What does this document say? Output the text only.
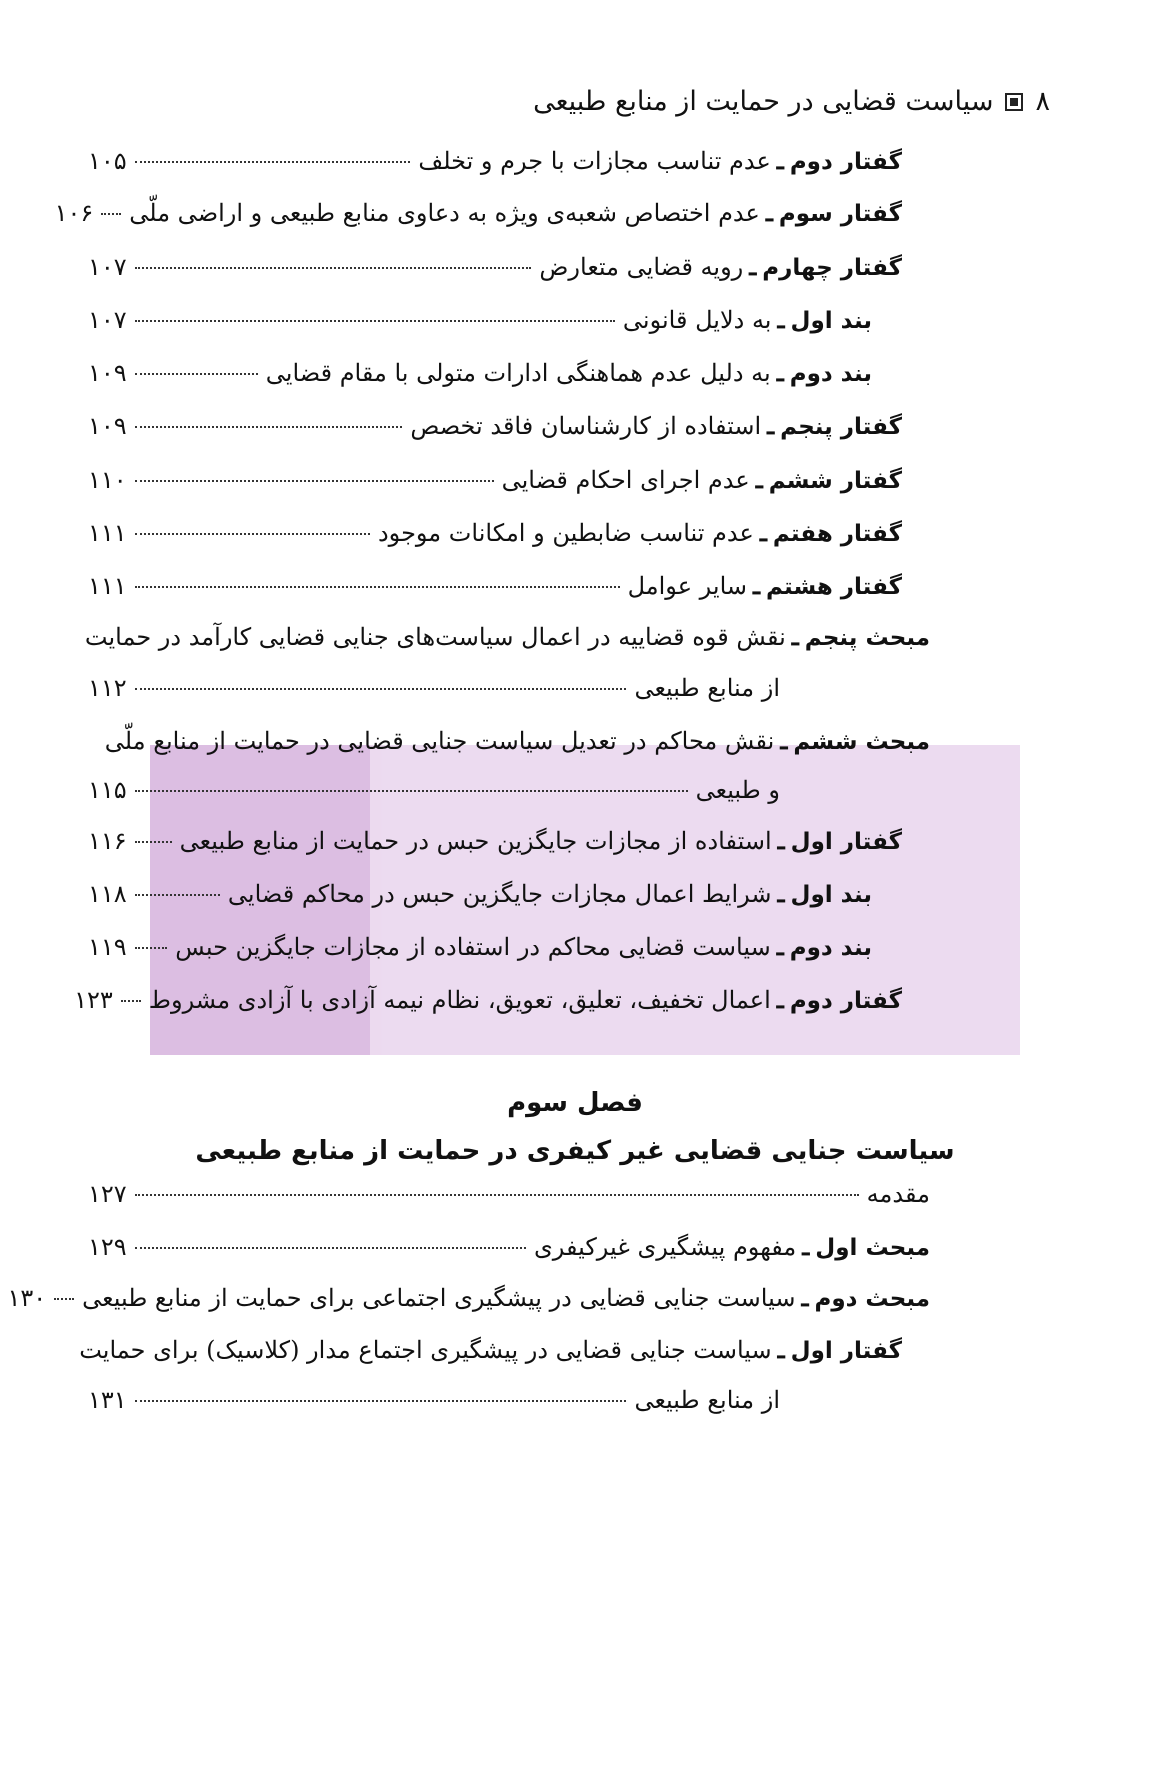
۸
سیاست قضایی در حمایت از منابع طبیعی
گفتار دوم
ـ
عدم تناسب مجازات با جرم و تخلف
۱۰۵
گفتار سوم
ـ
عدم اختصاص شعبه‌ی ویژه به دعاوی منابع طبیعی و اراضی ملّی
۱۰۶
گفتار چهارم
ـ
رویه قضایی متعارض
۱۰۷
بند اول
ـ
به دلایل قانونی
۱۰۷
بند دوم
ـ
به دلیل عدم هماهنگی ادارات متولی با مقام قضایی
۱۰۹
گفتار پنجم
ـ
استفاده از کارشناسان فاقد تخصص
۱۰۹
گفتار ششم
ـ
عدم اجرای احکام قضایی
۱۱۰
گفتار هفتم
ـ
عدم تناسب ضابطین و امکانات موجود
۱۱۱
گفتار هشتم
ـ
سایر عوامل
۱۱۱
مبحث پنجم
ـ
نقش قوه قضاییه در اعمال سیاست‌های جنایی قضایی کارآمد در حمایت
از منابع طبیعی
۱۱۲
مبحث ششم
ـ
نقش محاکم در تعدیل سیاست جنایی قضایی در حمایت از منابع ملّی
و طبیعی
۱۱۵
گفتار اول
ـ
استفاده از مجازات جایگزین حبس در حمایت از منابع طبیعی
۱۱۶
بند اول
ـ
شرایط اعمال مجازات جایگزین حبس در محاکم قضایی
۱۱۸
بند دوم
ـ
سیاست قضایی محاکم در استفاده از مجازات جایگزین حبس
۱۱۹
گفتار دوم
ـ
اعمال تخفیف، تعلیق، تعویق، نظام نیمه آزادی با آزادی مشروط
۱۲۳
فصل سوم
سیاست جنایی قضایی غیر کیفری در حمایت از منابع طبیعی
مقدمه
۱۲۷
مبحث اول
ـ
مفهوم پیشگیری غیرکیفری
۱۲۹
مبحث دوم
ـ
سیاست جنایی قضایی در پیشگیری اجتماعی برای حمایت از منابع طبیعی
۱۳۰
گفتار اول
ـ
سیاست جنایی قضایی در پیشگیری اجتماع مدار (کلاسیک) برای حمایت
از منابع طبیعی
۱۳۱
